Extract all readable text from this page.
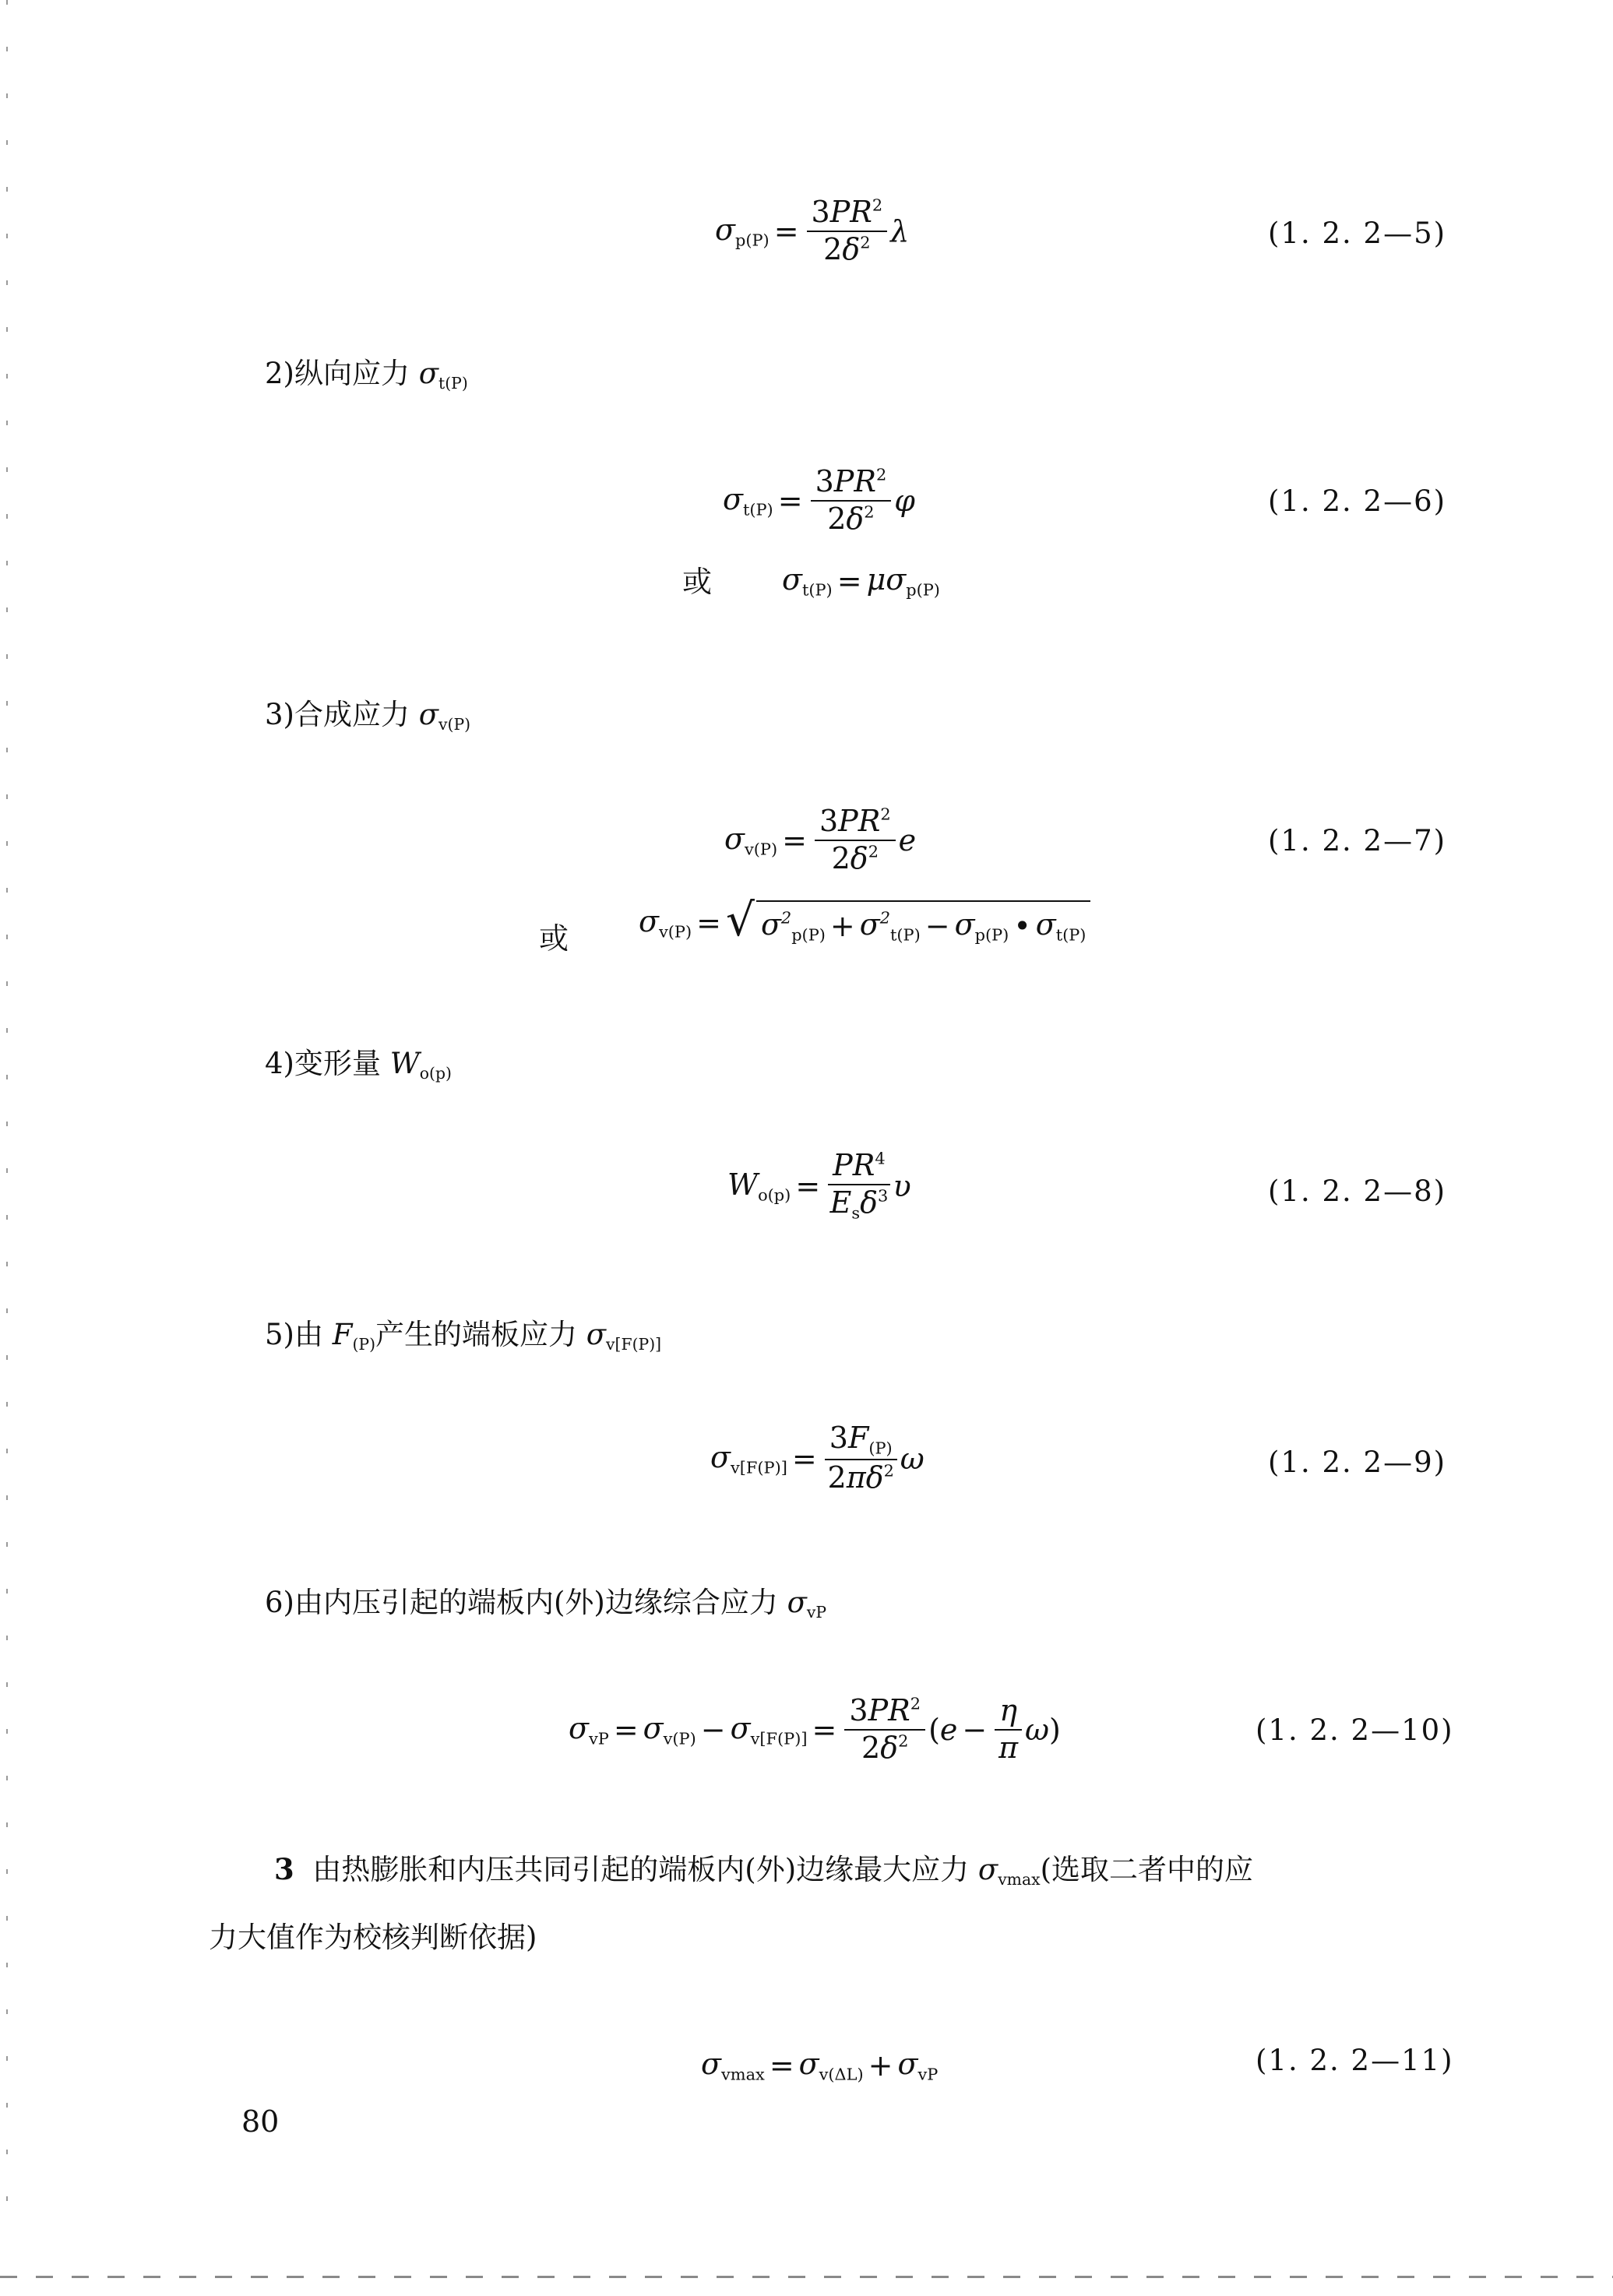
$\sigma_{p(P)} = \frac{3PR^2}{2\delta^2}$ λ	(1. 2. 2—5)
2)纵向应力 $\sigma_{t(P)}$
$\sigma_{t(P)} = \frac{3PR^2}{2\delta^2}$ φ	(1. 2. 2—6)
或 $\sigma_{t(P)} = \mu\sigma_{p(P)}$
3)合成应力 $\sigma_{v(P)}$
$\sigma_{v(P)} = \frac{3PR^2}{2\delta^2}$ e	(1. 2. 2—7)
或 $\sigma_{v(P)}$ = √ $\sigma^2_{p(P)} + \sigma^2_{t(P)} - \sigma_{p(P)}$ • $\sigma_{t(P)}$
4)变形量 $W_{o(p)}$
$W_{o(p)} = \frac{PR^4}{E_s\delta^3}$ υ	(1. 2. 2—8)
5)由 $F_{(P)}$产生的端板应力 $\sigma_{v[F(P)]}$
$\sigma_{v[F(P)]} = \frac{3F_{(P)}}{2\pi\delta^2}$ ω	(1. 2. 2—9)
6)由内压引起的端板内(外)边缘综合应力 $\sigma_{vP}$
$\sigma_{vP} = \sigma_{v(P)} - \sigma_{v[F(P)]} = \frac{3PR^2}{2\delta^2}$ ( $e - \frac{\eta}{\pi}$ ω )	(1. 2. 2—10)
3 由热膨胀和内压共同引起的端板内(外)边缘最大应力 $\sigma_{vmax}$(选取二者中的应
力大值作为校核判断依据)
$\sigma_{vmax} = \sigma_{v(\Delta L)} + \sigma_{vP}$	(1. 2. 2—11)
80
